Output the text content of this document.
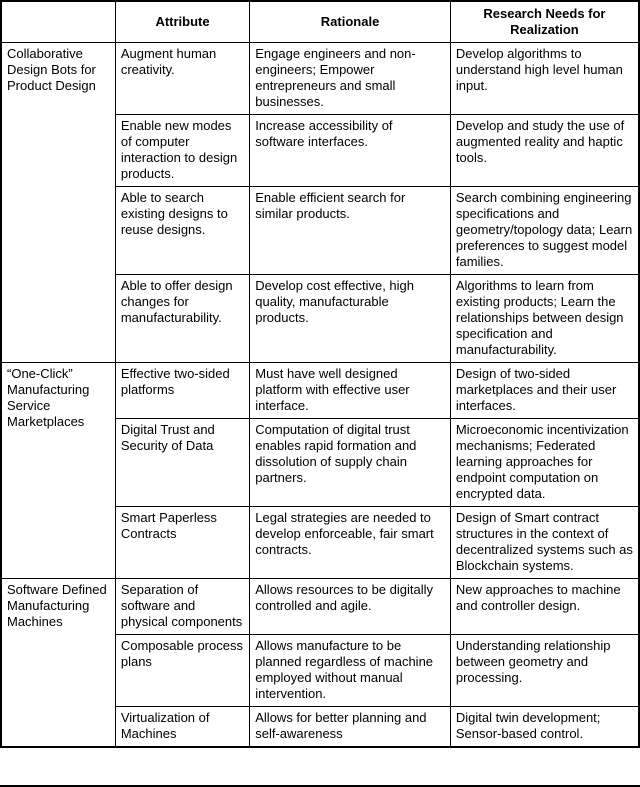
	Attribute	Rationale	Research Needs for Realization
Collaborative Design Bots for Product Design	Augment human creativity.	Engage engineers and non-engineers; Empower entrepreneurs and small businesses.	Develop algorithms to understand high level human input.
	Enable new modes of computer interaction to design products.	Increase accessibility of software interfaces.	Develop and study the use of augmented reality and haptic tools.
	Able to search existing designs to reuse designs.	Enable efficient search for similar products.	Search combining engineering specifications and geometry/topology data; Learn preferences to suggest model families.
	Able to offer design changes for manufacturability.	Develop cost effective, high quality, manufacturable products.	Algorithms to learn from existing products; Learn the relationships between design specification and manufacturability.
“One-Click” Manufacturing Service Marketplaces	Effective two-sided platforms	Must have well designed platform with effective user interface.	Design of two-sided marketplaces and their user interfaces.
	Digital Trust and Security of Data	Computation of digital trust enables rapid formation and dissolution of supply chain partners.	Microeconomic incentivization mechanisms; Federated learning approaches for endpoint computation on encrypted data.
	Smart Paperless Contracts	Legal strategies are needed to develop enforceable, fair smart contracts.	Design of Smart contract structures in the context of decentralized systems such as Blockchain systems.
Software Defined Manufacturing Machines	Separation of software and physical components	Allows resources to be digitally controlled and agile.	New approaches to machine and controller design.
	Composable process plans	Allows manufacture to be planned regardless of machine employed without manual intervention.	Understanding relationship between geometry and processing.
	Virtualization of Machines	Allows for better planning and self-awareness	Digital twin development; Sensor-based control.
